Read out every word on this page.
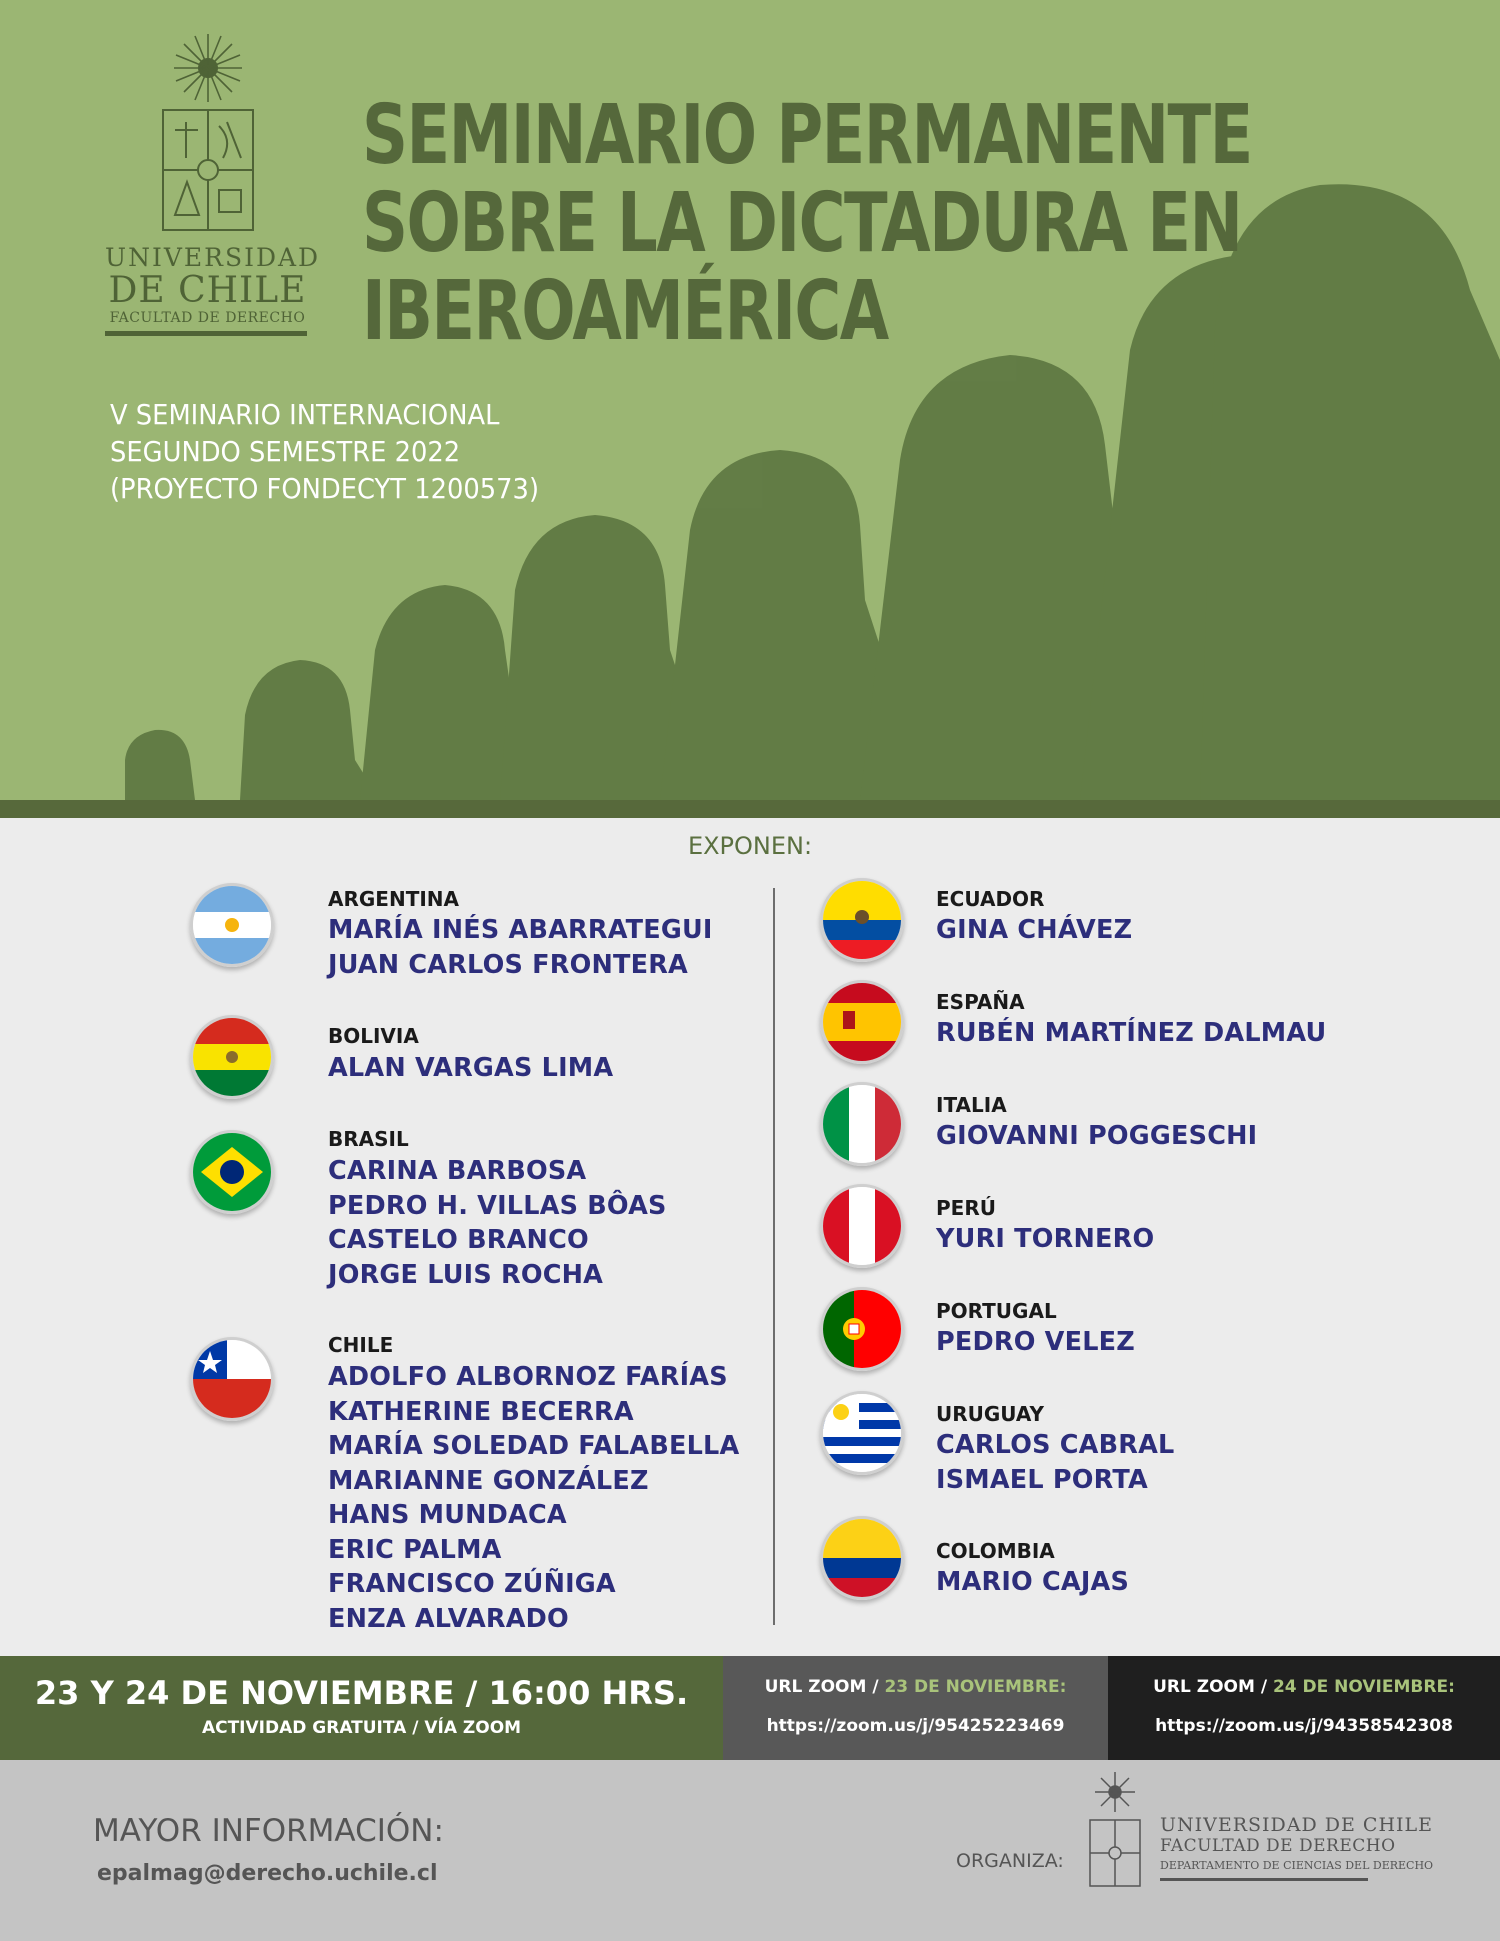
UNIVERSIDAD
DE CHILE
FACULTAD DE DERECHO
SEMINARIO PERMANENTE
SOBRE LA DICTADURA EN
IBEROAMÉRICA
V SEMINARIO INTERNACIONAL
SEGUNDO SEMESTRE 2022
(PROYECTO FONDECYT 1200573)
EXPONEN:
ARGENTINA
MARÍA INÉS ABARRATEGUI
JUAN CARLOS FRONTERA
BOLIVIA
ALAN VARGAS LIMA
BRASIL
CARINA BARBOSA
PEDRO H. VILLAS BÔAS
CASTELO BRANCO
JORGE LUIS ROCHA
CHILE
ADOLFO ALBORNOZ FARÍAS
KATHERINE BECERRA
MARÍA SOLEDAD FALABELLA
MARIANNE GONZÁLEZ
HANS MUNDACA
ERIC PALMA
FRANCISCO ZÚÑIGA
ENZA ALVARADO
ECUADOR
GINA CHÁVEZ
ESPAÑA
RUBÉN MARTÍNEZ DALMAU
ITALIA
GIOVANNI POGGESCHI
PERÚ
YURI TORNERO
PORTUGAL
PEDRO VELEZ
URUGUAY
CARLOS CABRAL
ISMAEL PORTA
COLOMBIA
MARIO CAJAS
23 Y 24 DE NOVIEMBRE / 16:00 HRS.
ACTIVIDAD GRATUITA / VÍA ZOOM
URL ZOOM / 23 DE NOVIEMBRE:
https://zoom.us/j/95425223469
URL ZOOM / 24 DE NOVIEMBRE:
https://zoom.us/j/94358542308
MAYOR INFORMACIÓN:
epalmag@derecho.uchile.cl	ORGANIZA:
UNIVERSIDAD DE CHILE
FACULTAD DE DERECHO
DEPARTAMENTO DE CIENCIAS DEL DERECHO
